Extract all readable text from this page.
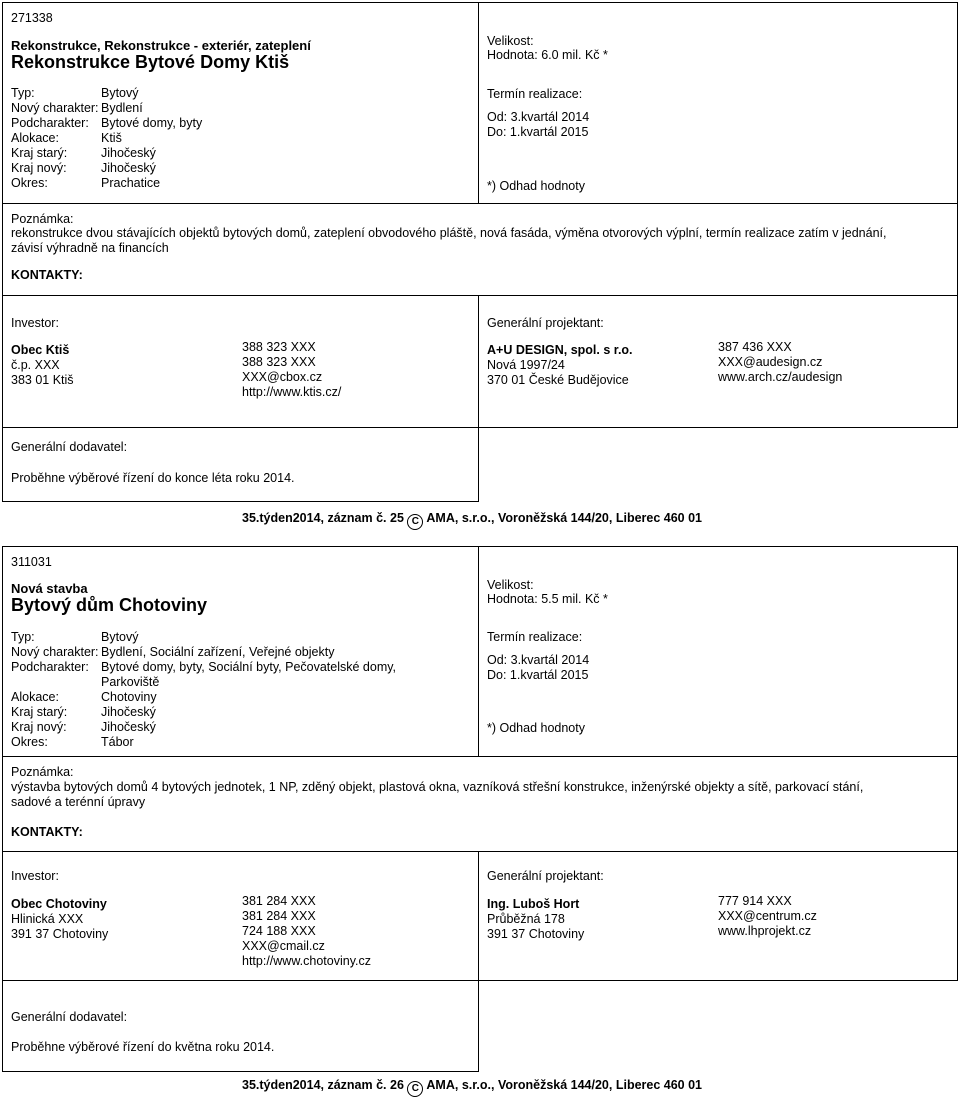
271338
Rekonstrukce, Rekonstrukce - exteriér, zateplení
Rekonstrukce Bytové Domy Ktiš
Typ:	Bytový
Nový charakter: Bydlení
Podcharakter: Bytové domy, byty
Alokace:	Ktiš
Kraj starý:	Jihočeský
Kraj nový:	Jihočeský
Okres:	Prachatice
Velikost:
Hodnota: 6.0 mil. Kč *
Termín realizace:
Od: 3.kvartál 2014
Do: 1.kvartál 2015
*) Odhad hodnoty
Poznámka:
rekonstrukce dvou stávajících objektů bytových domů, zateplení obvodového pláště, nová fasáda, výměna otvorových výplní, termín realizace zatím v jednání,
závisí výhradně na financích
KONTAKTY:
Investor:
Obec Ktiš
č.p. XXX
383 01 Ktiš
388 323 XXX
388 323 XXX
XXX@cbox.cz
http://www.ktis.cz/
Generální projektant:
A+U DESIGN, spol. s r.o.
Nová 1997/24
370 01 České Budějovice
387 436 XXX
XXX@audesign.cz
www.arch.cz/audesign
Generální dodavatel:
Proběhne výběrové řízení do konce léta roku 2014.
35.týden2014, záznam č. 25 C AMA, s.r.o., Voroněžská 144/20, Liberec 460 01
311031
Nová stavba
Bytový dům Chotoviny
Typ:	Bytový
Nový charakter: Bydlení, Sociální zařízení, Veřejné objekty
Podcharakter: Bytové domy, byty, Sociální byty, Pečovatelské domy,
Parkoviště
Alokace:	Chotoviny
Kraj starý:	Jihočeský
Kraj nový:	Jihočeský
Okres:	Tábor
Velikost:
Hodnota: 5.5 mil. Kč *
Termín realizace:
Od: 3.kvartál 2014
Do: 1.kvartál 2015
*) Odhad hodnoty
Poznámka:
výstavba bytových domů 4 bytových jednotek, 1 NP, zděný objekt, plastová okna, vazníková střešní konstrukce, inženýrské objekty a sítě, parkovací stání,
sadové a terénní úpravy
KONTAKTY:
Investor:
Obec Chotoviny
Hlinická XXX
391 37 Chotoviny
381 284 XXX
381 284 XXX
724 188 XXX
XXX@cmail.cz
http://www.chotoviny.cz
Generální projektant:
Ing. Luboš Hort
Průběžná 178
391 37 Chotoviny
777 914 XXX
XXX@centrum.cz
www.lhprojekt.cz
Generální dodavatel:
Proběhne výběrové řízení do května roku 2014.
35.týden2014, záznam č. 26 C AMA, s.r.o., Voroněžská 144/20, Liberec 460 01
